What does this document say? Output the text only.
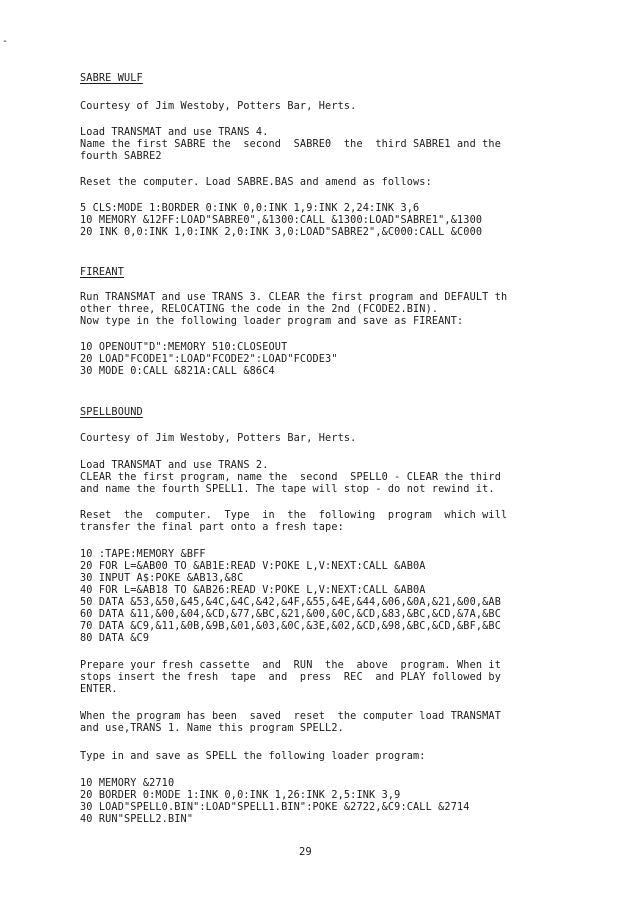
-
SABRE WULF
Courtesy of Jim Westoby, Potters Bar, Herts.
Load TRANSMAT and use TRANS 4.
Name the first SABRE the  second  SABRE0  the  third SABRE1 and the
fourth SABRE2
Reset the computer. Load SABRE.BAS and amend as follows:
5 CLS:MODE 1:BORDER 0:INK 0,0:INK 1,9:INK 2,24:INK 3,6
10 MEMORY &12FF:LOAD"SABRE0",&1300:CALL &1300:LOAD"SABRE1",&1300
20 INK 0,0:INK 1,0:INK 2,0:INK 3,0:LOAD"SABRE2",&C000:CALL &C000
FIREANT
Run TRANSMAT and use TRANS 3. CLEAR the first program and DEFAULT th
other three, RELOCATING the code in the 2nd (FCODE2.BIN).
Now type in the following loader program and save as FIREANT:
10 OPENOUT"D":MEMORY 510:CLOSEOUT
20 LOAD"FCODE1":LOAD"FCODE2":LOAD"FCODE3"
30 MODE 0:CALL &821A:CALL &86C4
SPELLBOUND
Courtesy of Jim Westoby, Potters Bar, Herts.
Load TRANSMAT and use TRANS 2.
CLEAR the first program, name the  second  SPELL0 - CLEAR the third
and name the fourth SPELL1. The tape will stop - do not rewind it.
Reset  the  computer.  Type  in  the  following  program  which will
transfer the final part onto a fresh tape:
10 :TAPE:MEMORY &BFF
20 FOR L=&AB00 TO &AB1E:READ V:POKE L,V:NEXT:CALL &AB0A
30 INPUT A$:POKE &AB13,&8C
40 FOR L=&AB18 TO &AB26:READ V:POKE L,V:NEXT:CALL &AB0A
50 DATA &53,&50,&45,&4C,&4C,&42,&4F,&55,&4E,&44,&06,&0A,&21,&00,&AB
60 DATA &11,&00,&04,&CD,&77,&BC,&21,&00,&0C,&CD,&83,&BC,&CD,&7A,&BC
70 DATA &C9,&11,&0B,&9B,&01,&03,&0C,&3E,&02,&CD,&98,&BC,&CD,&BF,&BC
80 DATA &C9
Prepare your fresh cassette  and  RUN  the  above  program. When it
stops insert the fresh  tape  and  press  REC  and PLAY followed by
ENTER.
When the program has been  saved  reset  the computer load TRANSMAT
and use,TRANS 1. Name this program SPELL2.
Type in and save as SPELL the following loader program:
10 MEMORY &2710
20 BORDER 0:MODE 1:INK 0,0:INK 1,26:INK 2,5:INK 3,9
30 LOAD"SPELL0.BIN":LOAD"SPELL1.BIN":POKE &2722,&C9:CALL &2714
40 RUN"SPELL2.BIN"
29
